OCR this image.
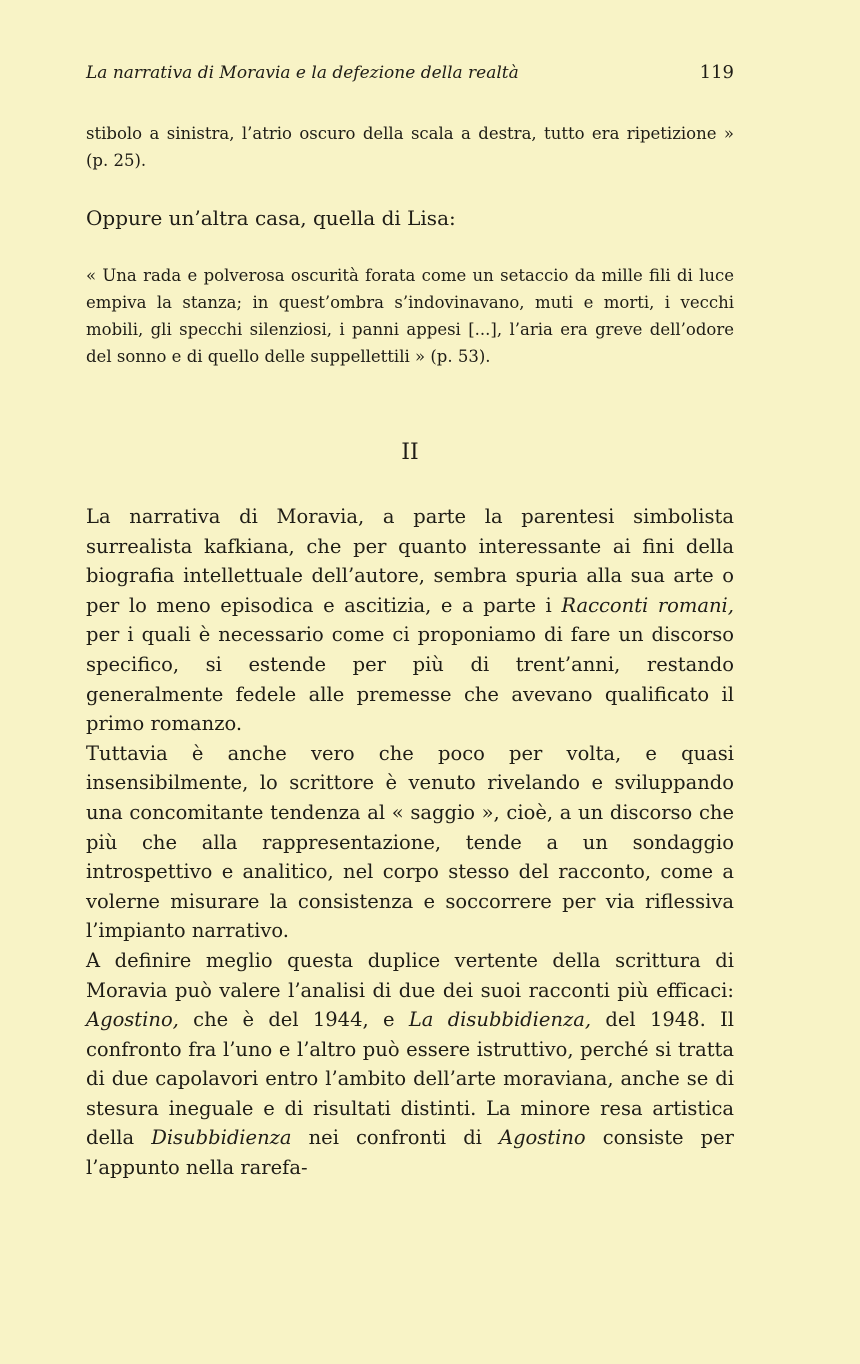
La narrativa di Moravia e la defezione della realtà	119
stibolo a sinistra, l’atrio oscuro della scala a destra, tutto era ripetizione » (p. 25).
Oppure un’altra casa, quella di Lisa:
« Una rada e polverosa oscurità forata come un setaccio da mille fili di luce empiva la stanza; in quest’ombra s’indovinavano, muti e morti, i vecchi mobili, gli specchi silenziosi, i panni appesi [...], l’aria era greve dell’odore del sonno e di quello delle suppellettili » (p. 53).
II

La narrativa di Moravia, a parte la parentesi simbolista surrealista kafkiana, che per quanto interessante ai fini della biografia intellettuale dell’autore, sembra spuria alla sua arte o per lo meno episodica e ascitizia, e a parte i Racconti romani, per i quali è necessario come ci proponiamo di fare un discorso specifico, si estende per più di trent’anni, restando generalmente fedele alle premesse che avevano qualificato il primo romanzo.

Tuttavia è anche vero che poco per volta, e quasi insensibilmente, lo scrittore è venuto rivelando e sviluppando una concomitante tendenza al « saggio », cioè, a un discorso che più che alla rappresentazione, tende a un sondaggio introspettivo e analitico, nel corpo stesso del racconto, come a volerne misurare la consistenza e soccorrere per via riflessiva l’impianto narrativo.

A definire meglio questa duplice vertente della scrittura di Moravia può valere l’analisi di due dei suoi racconti più efficaci: Agostino, che è del 1944, e La disubbidienza, del 1948. Il confronto fra l’uno e l’altro può essere istruttivo, perché si tratta di due capolavori entro l’ambito dell’arte moraviana, anche se di stesura ineguale e di risultati distinti. La minore resa artistica della Disubbidienza nei confronti di Agostino consiste per l’appunto nella rarefa-
